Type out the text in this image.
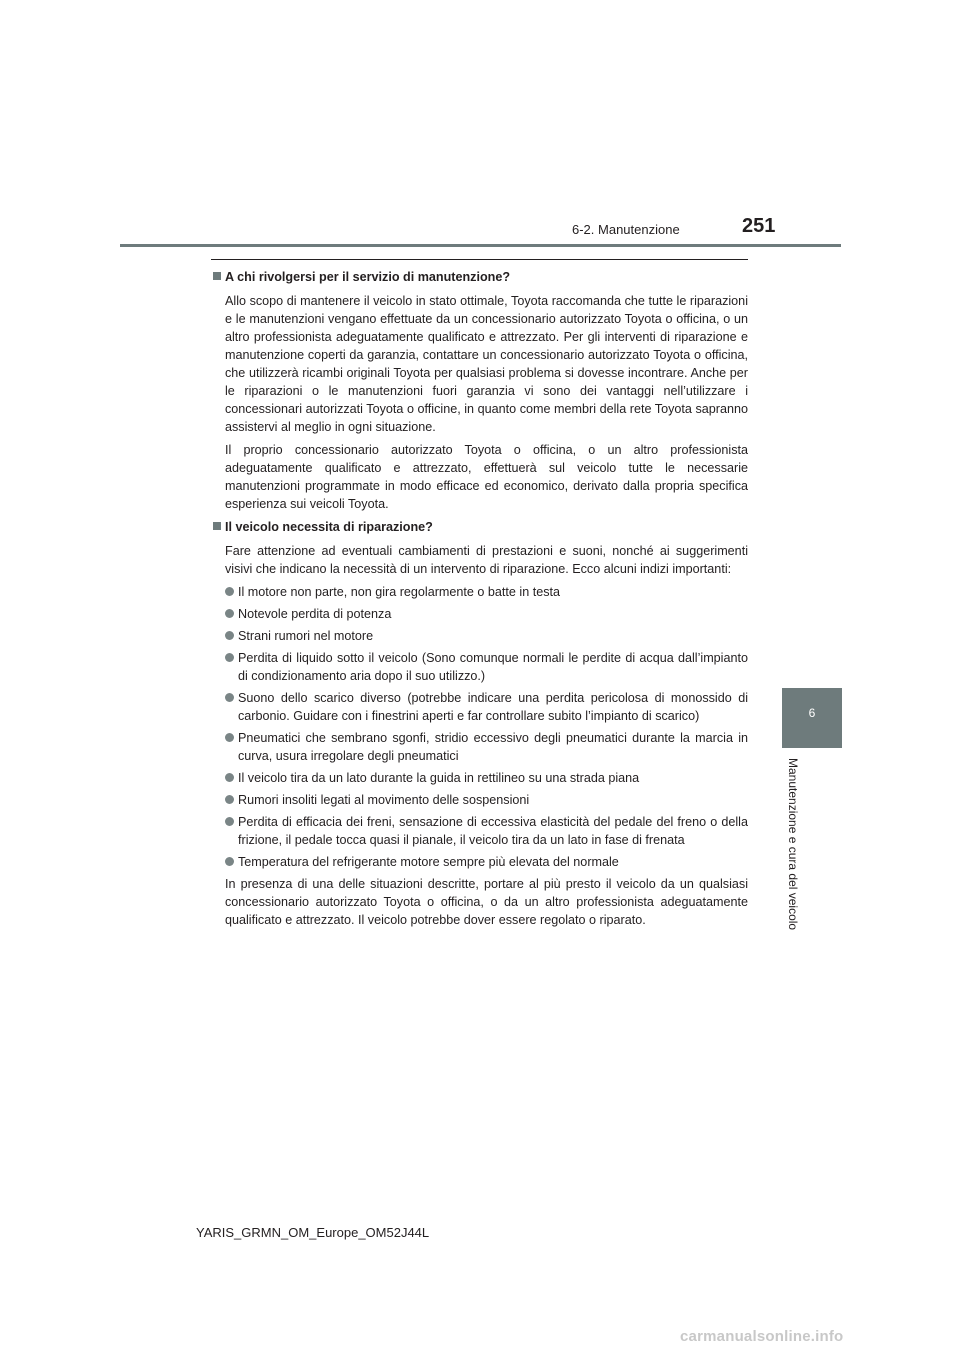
6-2. Manutenzione	251
6
Manutenzione e cura del veicolo
A chi rivolgersi per il servizio di manutenzione?

Allo scopo di mantenere il veicolo in stato ottimale, Toyota raccomanda che tutte le riparazioni e le manutenzioni vengano effettuate da un concessionario autorizzato Toyota o officina, o un altro professionista adeguatamente qualificato e attrezzato. Per gli interventi di riparazione e manutenzione coperti da garanzia, contattare un concessionario autorizzato Toyota o officina, che utilizzerà ricambi originali Toyota per qualsiasi problema si dovesse incontrare. Anche per le riparazioni o le manutenzioni fuori garanzia vi sono dei vantaggi nell’utilizzare i concessionari autorizzati Toyota o officine, in quanto come membri della rete Toyota sapranno assistervi al meglio in ogni situazione.

Il proprio concessionario autorizzato Toyota o officina, o un altro professionista adeguatamente qualificato e attrezzato, effettuerà sul veicolo tutte le necessarie manutenzioni programmate in modo efficace ed economico, derivato dalla propria specifica esperienza sui veicoli Toyota.

Il veicolo necessita di riparazione?

Fare attenzione ad eventuali cambiamenti di prestazioni e suoni, nonché ai suggerimenti visivi che indicano la necessità di un intervento di riparazione. Ecco alcuni indizi importanti:

Il motore non parte, non gira regolarmente o batte in testa
Notevole perdita di potenza
Strani rumori nel motore
Perdita di liquido sotto il veicolo (Sono comunque normali le perdite di acqua dall’impianto di condizionamento aria dopo il suo utilizzo.)
Suono dello scarico diverso (potrebbe indicare una perdita pericolosa di monossido di carbonio. Guidare con i finestrini aperti e far controllare subito l’impianto di scarico)
Pneumatici che sembrano sgonfi, stridio eccessivo degli pneumatici durante la marcia in curva, usura irregolare degli pneumatici
Il veicolo tira da un lato durante la guida in rettilineo su una strada piana
Rumori insoliti legati al movimento delle sospensioni
Perdita di efficacia dei freni, sensazione di eccessiva elasticità del pedale del freno o della frizione, il pedale tocca quasi il pianale, il veicolo tira da un lato in fase di frenata
Temperatura del refrigerante motore sempre più elevata del normale

In presenza di una delle situazioni descritte, portare al più presto il veicolo da un qualsiasi concessionario autorizzato Toyota o officina, o da un altro professionista adeguatamente qualificato e attrezzato. Il veicolo potrebbe dover essere regolato o riparato.

YARIS_GRMN_OM_Europe_OM52J44L
carmanualsonline.info
